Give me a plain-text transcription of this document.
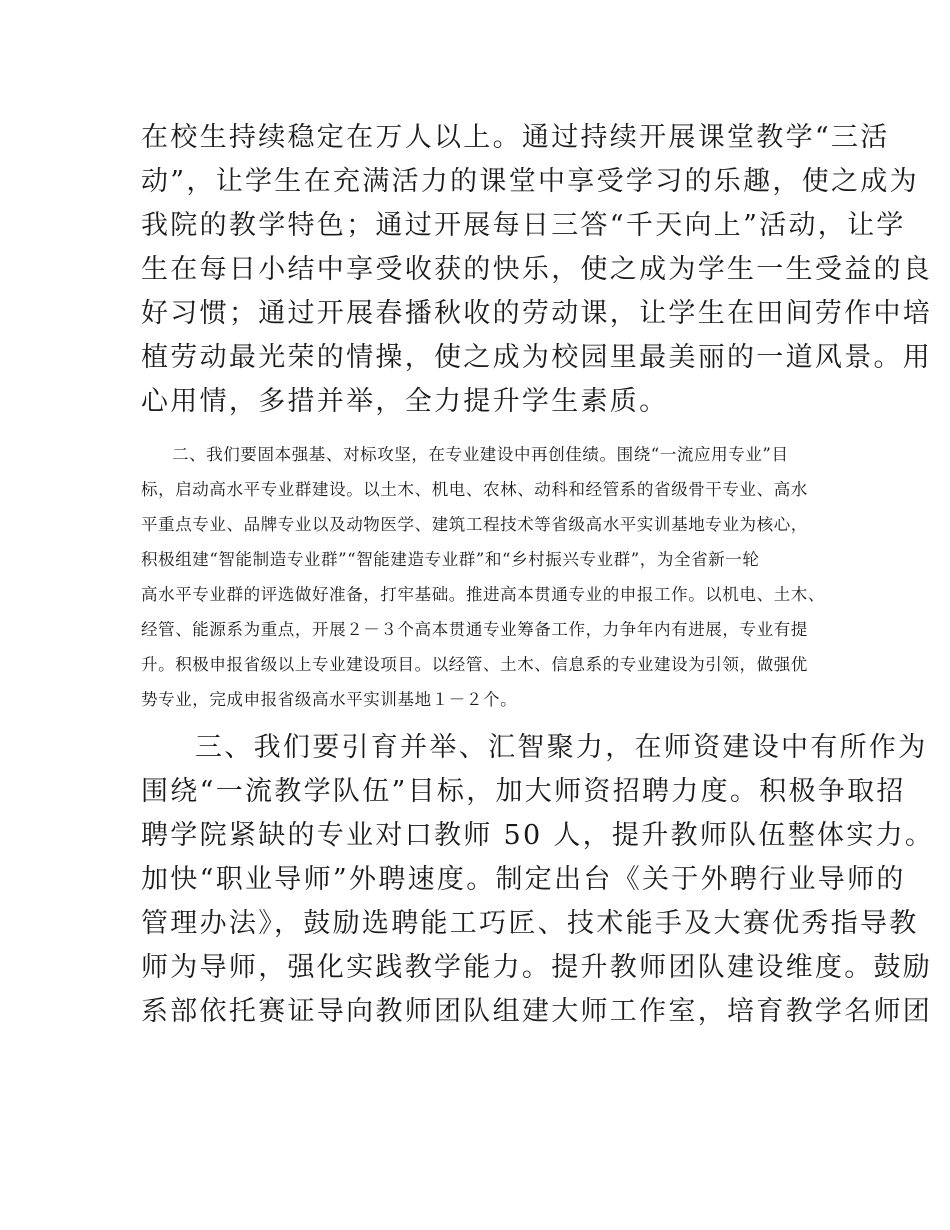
在校生持续稳定在万人以上。通过持续开展课堂教学“三活
动”，让学生在充满活力的课堂中享受学习的乐趣，使之成为
我院的教学特色；通过开展每日三答“千天向上”活动，让学
生在每日小结中享受收获的快乐，使之成为学生一生受益的良
好习惯；通过开展春播秋收的劳动课，让学生在田间劳作中培
植劳动最光荣的情操，使之成为校园里最美丽的一道风景。用
心用情，多措并举，全力提升学生素质。
二、我们要固本强基、对标攻坚，在专业建设中再创佳绩。围绕“一流应用专业”目
标，启动高水平专业群建设。以土木、机电、农林、动科和经管系的省级骨干专业、高水
平重点专业、品牌专业以及动物医学、建筑工程技术等省级高水平实训基地专业为核心，
积极组建“智能制造专业群”“智能建造专业群”和“乡村振兴专业群”，为全省新一轮
高水平专业群的评选做好准备，打牢基础。推进高本贯通专业的申报工作。以机电、土木、
经管、能源系为重点，开展２－３个高本贯通专业筹备工作，力争年内有进展，专业有提
升。积极申报省级以上专业建设项目。以经管、土木、信息系的专业建设为引领，做强优
势专业，完成申报省级高水平实训基地１－２个。
三、我们要引育并举、汇智聚力，在师资建设中有所作为
围绕“一流教学队伍”目标，加大师资招聘力度。积极争取招
聘学院紧缺的专业对口教师 50 人，提升教师队伍整体实力。
加快“职业导师”外聘速度。制定出台《关于外聘行业导师的
管理办法》，鼓励选聘能工巧匠、技术能手及大赛优秀指导教
师为导师，强化实践教学能力。提升教师团队建设维度。鼓励
系部依托赛证导向教师团队组建大师工作室，培育教学名师团
